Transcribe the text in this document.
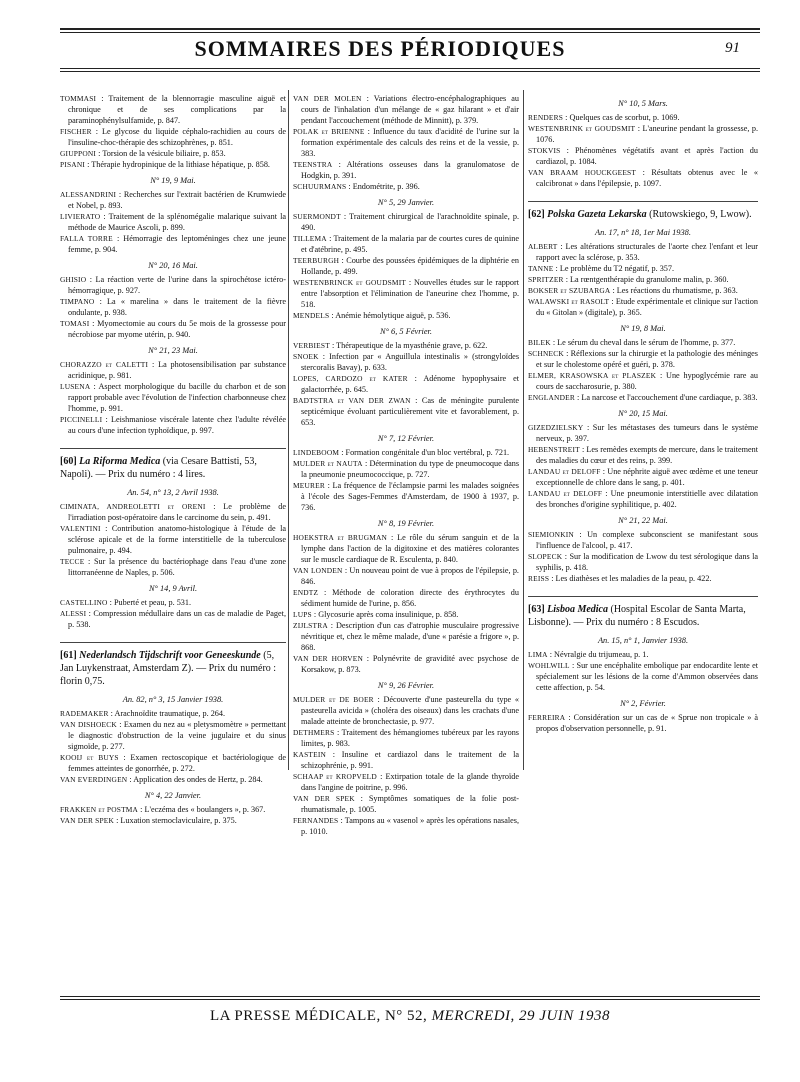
SOMMAIRES DES PÉRIODIQUES	91

TOMMASI : Traitement de la blennorragie masculine aiguë et chronique et de ses complications par la paraminophénylsulfamide, p. 847.

FISCHER : Le glycose du liquide céphalo-rachidien au cours de l'insuline-choc-thérapie des schizophrènes, p. 851.

GIUPPONI : Torsion de la vésicule biliaire, p. 853.

PISANI : Thérapie hydropinique de la lithiase hépatique, p. 858.

N° 19, 9 Mai.

ALESSANDRINI : Recherches sur l'extrait bactérien de Krumwiede et Nobel, p. 893.

LIVIERATO : Traitement de la splénomégalie malarique suivant la méthode de Maurice Ascoli, p. 899.

FALLA TORRE : Hémorragie des leptoméninges chez une jeune femme, p. 904.

N° 20, 16 Mai.

GHISIO : La réaction verte de l'urine dans la spirochétose ictéro-hémorragique, p. 927.

TIMPANO : La « marelina » dans le traitement de la fièvre ondulante, p. 938.

TOMASI : Myomectomie au cours du 5e mois de la grossesse pour nécrobiose par myome utérin, p. 940.

N° 21, 23 Mai.

CHORAZZO et CALETTI : La photosensibilisation par substance acridinique, p. 981.

LUSENA : Aspect morphologique du bacille du charbon et de son rapport probable avec l'évolution de l'infection charbonneuse chez l'homme, p. 991.

PICCINELLI : Leishmaniose viscérale latente chez l'adulte révélée au cours d'une infection typhoïdique, p. 997.

[60] La Riforma Medica (via Cesare Battisti, 53, Napoli). — Prix du numéro : 4 lires.
An. 54, n° 13, 2 Avril 1938.

CIMINATA, ANDREOLETTI et ORENI : Le problème de l'irradiation post-opératoire dans le carcinome du sein, p. 491.

VALENTINI : Contribution anatomo-histologique à l'étude de la sclérose apicale et de la forme interstitielle de la tuberculose pulmonaire, p. 494.

TECCE : Sur la présence du bactériophage dans l'eau d'une zone littorranéenne de Naples, p. 506.

N° 14, 9 Avril.

CASTELLINO : Puberté et peau, p. 531.

ALESSI : Compression médullaire dans un cas de maladie de Paget, p. 538.

[61] Nederlandsch Tijdschrift voor Geneeskunde (5, Jan Luykenstraat, Amsterdam Z). — Prix du numéro : florin 0,75.
An. 82, n° 3, 15 Janvier 1938.

RADEMAKER : Arachnoïdite traumatique, p. 264.

VAN DISHOECK : Examen du nez au « pletysmomètre » permettant le diagnostic d'obstruction de la veine jugulaire et du sinus sigmoïde, p. 277.

KOOIJ et BUYS : Examen rectoscopique et bactériologique de femmes atteintes de gonorrhée, p. 272.

VAN EVERDINGEN : Application des ondes de Hertz, p. 284.

N° 4, 22 Janvier.

FRAKKEN et POSTMA : L'eczéma des « boulangers », p. 367.

VAN DER SPEK : Luxation sternoclaviculaire, p. 375.

VAN DER MOLEN : Variations électro-encéphalographiques au cours de l'inhalation d'un mélange de « gaz hilarant » et d'air pendant l'accouchement (méthode de Minnitt), p. 379.

POLAK et BRIENNE : Influence du taux d'acidité de l'urine sur la formation expérimentale des calculs des reins et de la vessie, p. 383.

TEENSTRA : Altérations osseuses dans la granulomatose de Hodgkin, p. 391.

SCHUURMANS : Endométrite, p. 396.

N° 5, 29 Janvier.

SUERMONDT : Traitement chirurgical de l'arachnoïdite spinale, p. 490.

TILLEMA : Traitement de la malaria par de courtes cures de quinine et d'atébrine, p. 495.

TEERBURGH : Courbe des poussées épidémiques de la diphtérie en Hollande, p. 499.

WESTENBRINCK et GOUDSMIT : Nouvelles études sur le rapport entre l'absorption et l'élimination de l'aneurine chez l'homme, p. 518.

MENDELS : Anémie hémolytique aiguë, p. 536.

N° 6, 5 Février.

VERBIEST : Thérapeutique de la myasthénie grave, p. 622.

SNOEK : Infection par « Anguillula intestinalis » (strongyloïdes stercoralis Bavay), p. 633.

LOPES, CARDOZO et KATER : Adénome hypophysaire et galactorrhée, p. 645.

BADTSTRA et VAN DER ZWAN : Cas de méningite purulente septicémique évoluant particulièrement vite et favorablement, p. 653.

N° 7, 12 Février.

LINDEBOOM : Formation congénitale d'un bloc vertébral, p. 721.

MULDER et NAUTA : Détermination du type de pneumocoque dans la pneumonie pneumococcique, p. 727.

MEURER : La fréquence de l'éclampsie parmi les malades soignées à l'école des Sages-Femmes d'Amsterdam, de 1900 à 1937, p. 736.

N° 8, 19 Février.

HOEKSTRA et BRUGMAN : Le rôle du sérum sanguin et de la lymphe dans l'action de la digitoxine et des matières colorantes sur le muscle cardiaque de R. Esculenta, p. 840.

VAN LONDEN : Un nouveau point de vue à propos de l'épilepsie, p. 846.

ENDTZ : Méthode de coloration directe des érythrocytes du sédiment humide de l'urine, p. 856.

LUPS : Glycosurie après coma insulinique, p. 858.

ZIJLSTRA : Description d'un cas d'atrophie musculaire progressive névritique et, chez le même malade, d'une « parésie a frigore », p. 868.

VAN DER HORVEN : Polynévrite de gravidité avec psychose de Korsakow, p. 873.

N° 9, 26 Février.

MULDER et DE BOER : Découverte d'une pasteurella du type « pasteurella avicida » (choléra des oiseaux) dans les crachats d'une malade atteinte de bronchectasie, p. 977.

DETHMERS : Traitement des hémangiomes tubéreux par les rayons limites, p. 983.

KASTEIN : Insuline et cardiazol dans le traitement de la schizophrénie, p. 991.

SCHAAP et KROPVELD : Extirpation totale de la glande thyroïde dans l'angine de poitrine, p. 996.

VAN DER SPEK : Symptômes somatiques de la folie post-rhumatismale, p. 1005.

FERNANDES : Tampons au « vasenol » après les opérations nasales, p. 1010.

N° 10, 5 Mars.

RENDERS : Quelques cas de scorbut, p. 1069.

WESTENBRINK et GOUDSMIT : L'aneurine pendant la grossesse, p. 1076.

STOKVIS : Phénomènes végétatifs avant et après l'action du cardiazol, p. 1084.

VAN BRAAM HOUCKGEEST : Résultats obtenus avec le « calcibronat » dans l'épilepsie, p. 1097.

[62] Polska Gazeta Lekarska (Rutowskiego, 9, Lwow).
An. 17, n° 18, 1er Mai 1938.

ALBERT : Les altérations structurales de l'aorte chez l'enfant et leur rapport avec la sclérose, p. 353.

TANNE : Le problème du T2 négatif, p. 357.

SPRITZER : La rœntgenthérapie du granulome malin, p. 360.

BOKSER et SZUBARGA : Les réactions du rhumatisme, p. 363.

WALAWSKI et RASOLT : Etude expérimentale et clinique sur l'action du « Gitolan » (digitale), p. 365.

N° 19, 8 Mai.

BILEK : Le sérum du cheval dans le sérum de l'homme, p. 377.

SCHNECK : Réflexions sur la chirurgie et la pathologie des méninges et sur le cholestome opéré et guéri, p. 378.

ELMER, KRASOWSKA et PLASZEK : Une hypoglycémie rare au cours de saccharosurie, p. 380.

ENGLANDER : La narcose et l'accouchement d'une cardiaque, p. 383.

N° 20, 15 Mai.

GIZEDZIELSKY : Sur les métastases des tumeurs dans le système nerveux, p. 397.

HEBENSTREIT : Les remèdes exempts de mercure, dans le traitement des maladies du cœur et des reins, p. 399.

LANDAU et DELOFF : Une néphrite aiguë avec œdème et une teneur exceptionnelle de chlore dans le sang, p. 401.

LANDAU et DELOFF : Une pneumonie interstitielle avec dilatation des bronches d'origine syphilitique, p. 402.

N° 21, 22 Mai.

SIEMIONKIN : Un complexe subconscient se manifestant sous l'influence de l'alcool, p. 417.

SLOPECK : Sur la modification de Lwow du test sérologique dans la syphilis, p. 418.

REISS : Les diathèses et les maladies de la peau, p. 422.

[63] Lisboa Medica (Hospital Escolar de Santa Marta, Lisbonne). — Prix du numéro : 8 Escudos.
An. 15, n° 1, Janvier 1938.

LIMA : Névralgie du trijumeau, p. 1.

WOHLWILL : Sur une encéphalite embolique par endocardite lente et spécialement sur les lésions de la corne d'Ammon observées dans cette affection, p. 54.

N° 2, Février.

FERREIRA : Considération sur un cas de « Sprue non tropicale » à propos d'observation personnelle, p. 91.

LA PRESSE MÉDICALE, N° 52, MERCREDI, 29 JUIN 1938
